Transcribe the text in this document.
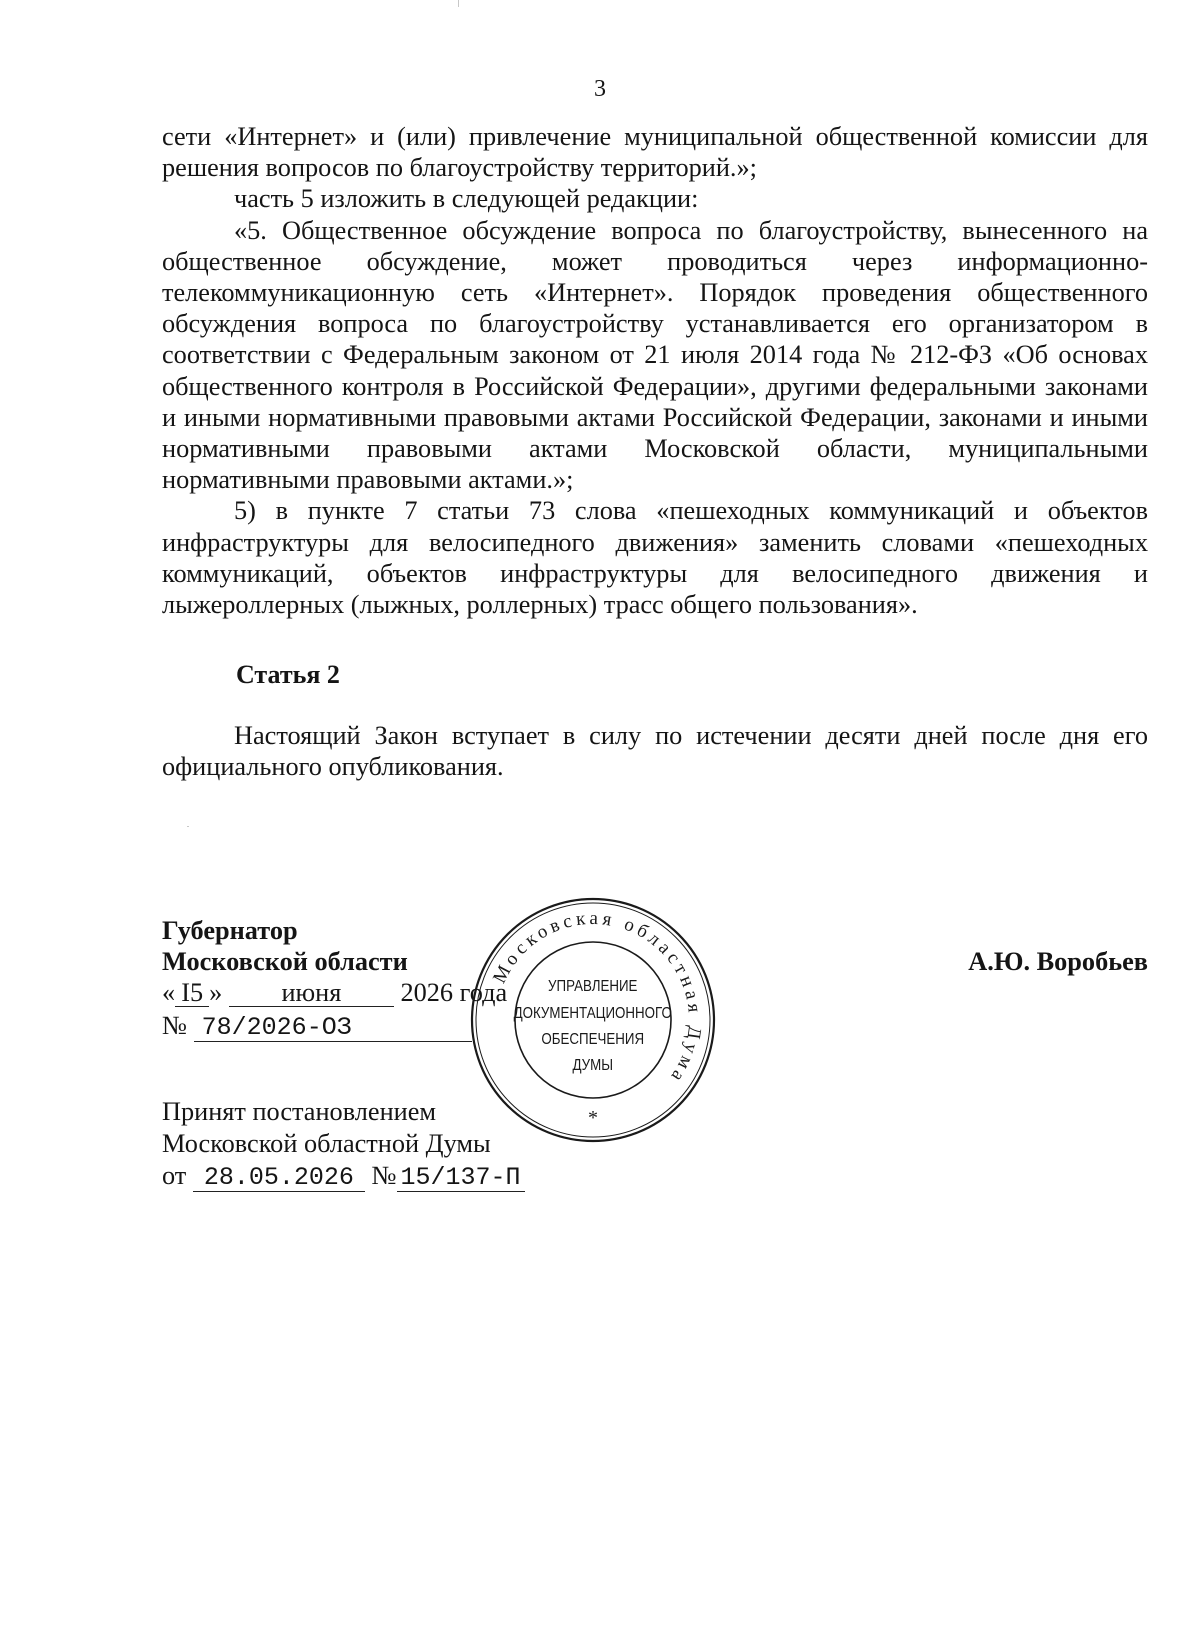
3

сети «Интернет» и (или) привлечение муниципальной общественной комиссии для решения вопросов по благоустройству территорий.»;

часть 5 изложить в следующей редакции:

«5. Общественное обсуждение вопроса по благоустройству, вынесенного на общественное обсуждение, может проводиться через информационно-телекоммуникационную сеть «Интернет». Порядок проведения общественного обсуждения вопроса по благоустройству устанавливается его организатором в соответствии с Федеральным законом от 21 июля 2014 года № 212-ФЗ «Об основах общественного контроля в Российской Федерации», другими федеральными законами и иными нормативными правовыми актами Российской Федерации, законами и иными нормативными правовыми актами Московской области, муниципальными нормативными правовыми актами.»;

5) в пункте 7 статьи 73 слова «пешеходных коммуникаций и объектов инфраструктуры для велосипедного движения» заменить словами «пешеходных коммуникаций, объектов инфраструктуры для велосипедного движения и лыжероллерных (лыжных, роллерных) трасс общего пользования».

Статья 2

Настоящий Закон вступает в силу по истечении десяти дней после дня его официального опубликования.

Губернатор
Московской области	А.Ю. Воробьев
« I5 » июня 2026 года
№ 78/2026-ОЗ
Принят постановлением
Московской областной Думы
от 28.05.2026 № 15/137-П
Московская областная Дума
*
УПРАВЛЕНИЕ
ДОКУМЕНТАЦИОННОГО
ОБЕСПЕЧЕНИЯ
ДУМЫ
